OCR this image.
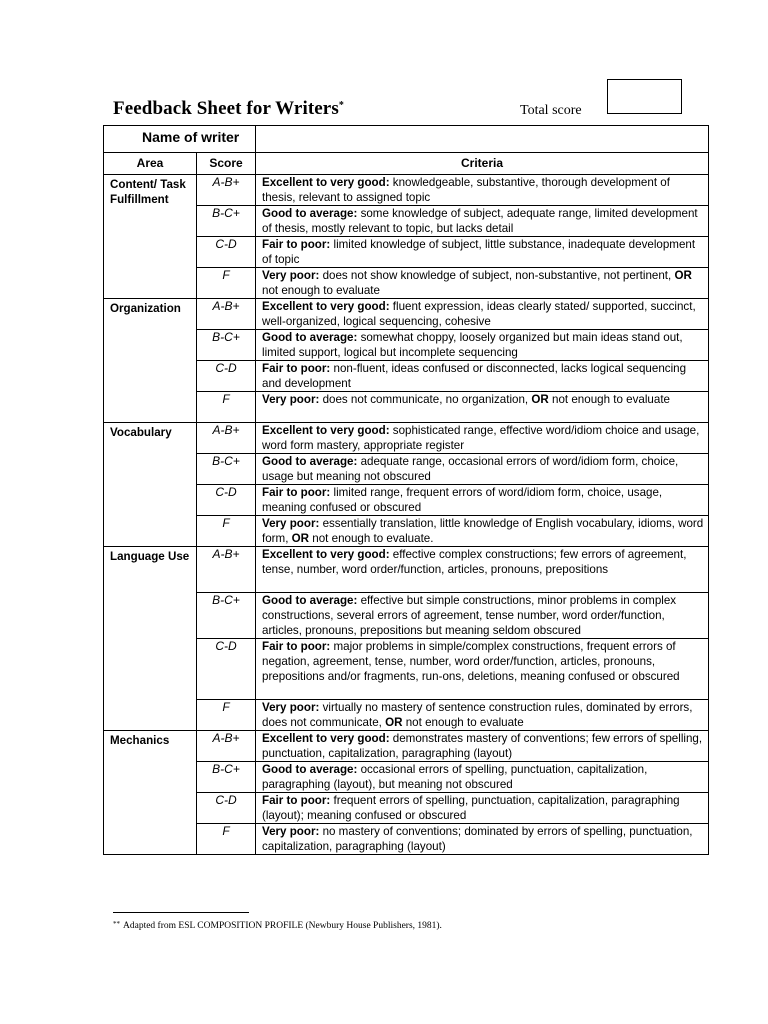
Feedback Sheet for Writers*	Total score
Name of writer		
Area	Score	Criteria
Content/ Task Fulfillment	A-B+	Excellent to very good: knowledgeable, substantive, thorough development of thesis, relevant to assigned topic
	B-C+	Good to average: some knowledge of subject, adequate range, limited development of thesis, mostly relevant to topic, but lacks detail
	C-D	Fair to poor: limited knowledge of subject, little substance, inadequate development of topic
	F	Very poor: does not show knowledge of subject, non-substantive, not pertinent, OR not enough to evaluate
Organization	A-B+	Excellent to very good: fluent expression, ideas clearly stated/ supported, succinct, well-organized, logical sequencing, cohesive
	B-C+	Good to average: somewhat choppy, loosely organized but main ideas stand out, limited support, logical but incomplete sequencing
	C-D	Fair to poor: non-fluent, ideas confused or disconnected, lacks logical sequencing and development
	F	Very poor: does not communicate, no organization, OR not enough to evaluate
Vocabulary	A-B+	Excellent to very good: sophisticated range, effective word/idiom choice and usage, word form mastery, appropriate register
	B-C+	Good to average: adequate range, occasional errors of word/idiom form, choice, usage but meaning not obscured
	C-D	Fair to poor: limited range, frequent errors of word/idiom form, choice, usage, meaning confused or obscured
	F	Very poor: essentially translation, little knowledge of English vocabulary, idioms, word form, OR not enough to evaluate.
Language Use	A-B+	Excellent to very good: effective complex constructions; few errors of agreement, tense, number, word order/function, articles, pronouns, prepositions
	B-C+	Good to average: effective but simple constructions, minor problems in complex constructions, several errors of agreement, tense number, word order/function, articles, pronouns, prepositions but meaning seldom obscured
	C-D	Fair to poor: major problems in simple/complex constructions, frequent errors of negation, agreement, tense, number, word order/function, articles, pronouns, prepositions and/or fragments, run-ons, deletions, meaning confused or obscured
	F	Very poor: virtually no mastery of sentence construction rules, dominated by errors, does not communicate, OR not enough to evaluate
Mechanics	A-B+	Excellent to very good: demonstrates mastery of conventions; few errors of spelling, punctuation, capitalization, paragraphing (layout)
	B-C+	Good to average: occasional errors of spelling, punctuation, capitalization, paragraphing (layout), but meaning not obscured
	C-D	Fair to poor: frequent errors of spelling, punctuation, capitalization, paragraphing (layout); meaning confused or obscured
	F	Very poor: no mastery of conventions; dominated by errors of spelling, punctuation, capitalization, paragraphing (layout)
** Adapted from ESL COMPOSITION PROFILE (Newbury House Publishers, 1981).
